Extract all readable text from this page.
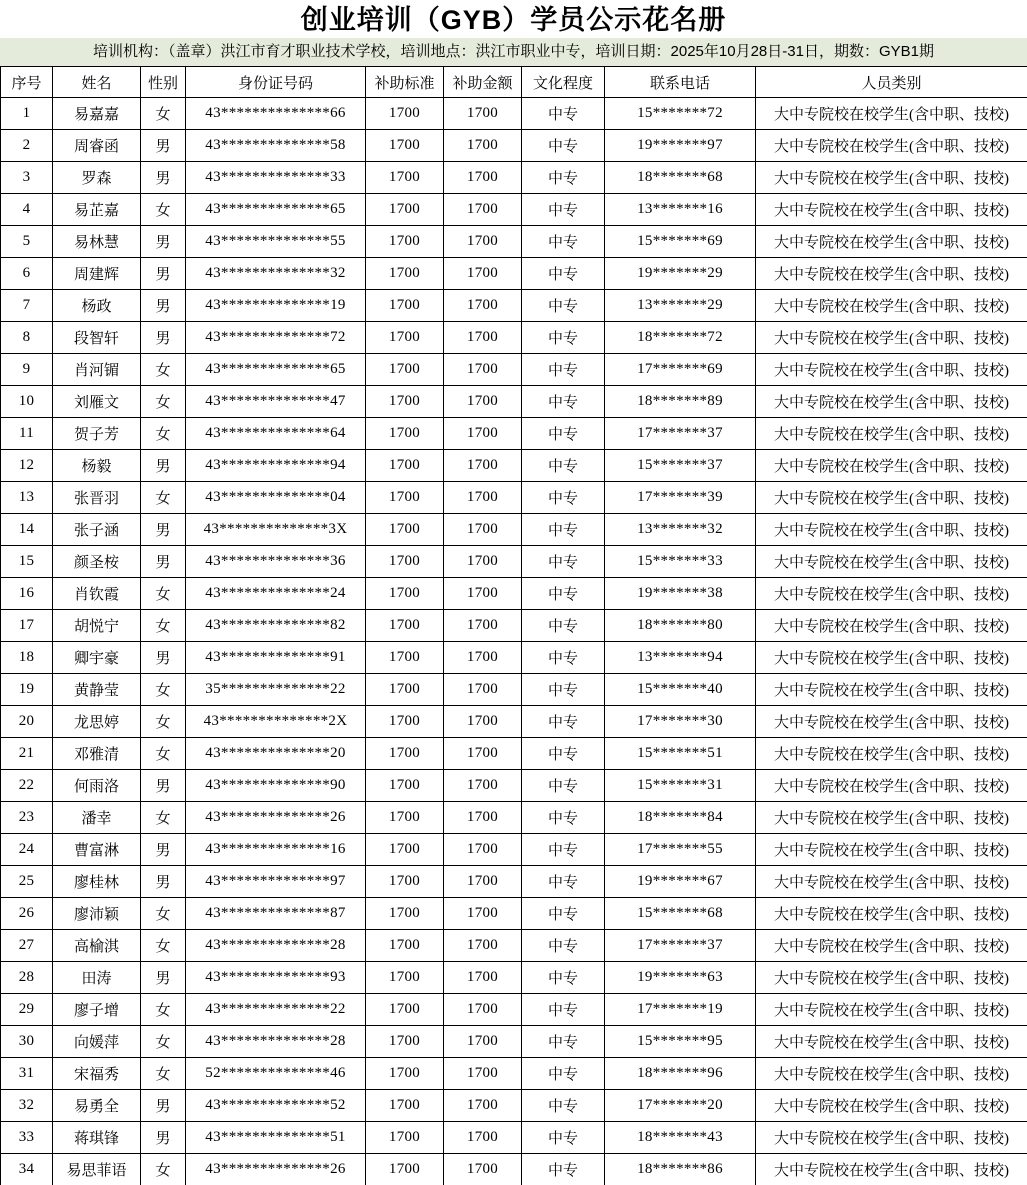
创业培训（GYB）学员公示花名册
培训机构：（盖章）洪江市育才职业技术学校，培训地点：洪江市职业中专，培训日期：2025年10月28日-31日，期数：GYB1期
序号	姓名	性别	身份证号码	补助标准	补助金额	文化程度	联系电话	人员类别
1	易嘉嘉	女	43**************66	1700	1700	中专	15*******72	大中专院校在校学生(含中职、技校)
2	周睿函	男	43**************58	1700	1700	中专	19*******97	大中专院校在校学生(含中职、技校)
3	罗森	男	43**************33	1700	1700	中专	18*******68	大中专院校在校学生(含中职、技校)
4	易芷嘉	女	43**************65	1700	1700	中专	13*******16	大中专院校在校学生(含中职、技校)
5	易林慧	男	43**************55	1700	1700	中专	15*******69	大中专院校在校学生(含中职、技校)
6	周建辉	男	43**************32	1700	1700	中专	19*******29	大中专院校在校学生(含中职、技校)
7	杨政	男	43**************19	1700	1700	中专	13*******29	大中专院校在校学生(含中职、技校)
8	段智轩	男	43**************72	1700	1700	中专	18*******72	大中专院校在校学生(含中职、技校)
9	肖河镅	女	43**************65	1700	1700	中专	17*******69	大中专院校在校学生(含中职、技校)
10	刘雁文	女	43**************47	1700	1700	中专	18*******89	大中专院校在校学生(含中职、技校)
11	贺子芳	女	43**************64	1700	1700	中专	17*******37	大中专院校在校学生(含中职、技校)
12	杨毅	男	43**************94	1700	1700	中专	15*******37	大中专院校在校学生(含中职、技校)
13	张晋羽	女	43**************04	1700	1700	中专	17*******39	大中专院校在校学生(含中职、技校)
14	张子涵	男	43**************3X	1700	1700	中专	13*******32	大中专院校在校学生(含中职、技校)
15	颜圣桉	男	43**************36	1700	1700	中专	15*******33	大中专院校在校学生(含中职、技校)
16	肖钦霞	女	43**************24	1700	1700	中专	19*******38	大中专院校在校学生(含中职、技校)
17	胡悦宁	女	43**************82	1700	1700	中专	18*******80	大中专院校在校学生(含中职、技校)
18	卿宇豪	男	43**************91	1700	1700	中专	13*******94	大中专院校在校学生(含中职、技校)
19	黄静莹	女	35**************22	1700	1700	中专	15*******40	大中专院校在校学生(含中职、技校)
20	龙思婷	女	43**************2X	1700	1700	中专	17*******30	大中专院校在校学生(含中职、技校)
21	邓雅清	女	43**************20	1700	1700	中专	15*******51	大中专院校在校学生(含中职、技校)
22	何雨洛	男	43**************90	1700	1700	中专	15*******31	大中专院校在校学生(含中职、技校)
23	潘幸	女	43**************26	1700	1700	中专	18*******84	大中专院校在校学生(含中职、技校)
24	曹富淋	男	43**************16	1700	1700	中专	17*******55	大中专院校在校学生(含中职、技校)
25	廖桂林	男	43**************97	1700	1700	中专	19*******67	大中专院校在校学生(含中职、技校)
26	廖沛颖	女	43**************87	1700	1700	中专	15*******68	大中专院校在校学生(含中职、技校)
27	高榆淇	女	43**************28	1700	1700	中专	17*******37	大中专院校在校学生(含中职、技校)
28	田涛	男	43**************93	1700	1700	中专	19*******63	大中专院校在校学生(含中职、技校)
29	廖子增	女	43**************22	1700	1700	中专	17*******19	大中专院校在校学生(含中职、技校)
30	向媛萍	女	43**************28	1700	1700	中专	15*******95	大中专院校在校学生(含中职、技校)
31	宋福秀	女	52**************46	1700	1700	中专	18*******96	大中专院校在校学生(含中职、技校)
32	易勇全	男	43**************52	1700	1700	中专	17*******20	大中专院校在校学生(含中职、技校)
33	蒋琪锋	男	43**************51	1700	1700	中专	18*******43	大中专院校在校学生(含中职、技校)
34	易思菲语	女	43**************26	1700	1700	中专	18*******86	大中专院校在校学生(含中职、技校)
